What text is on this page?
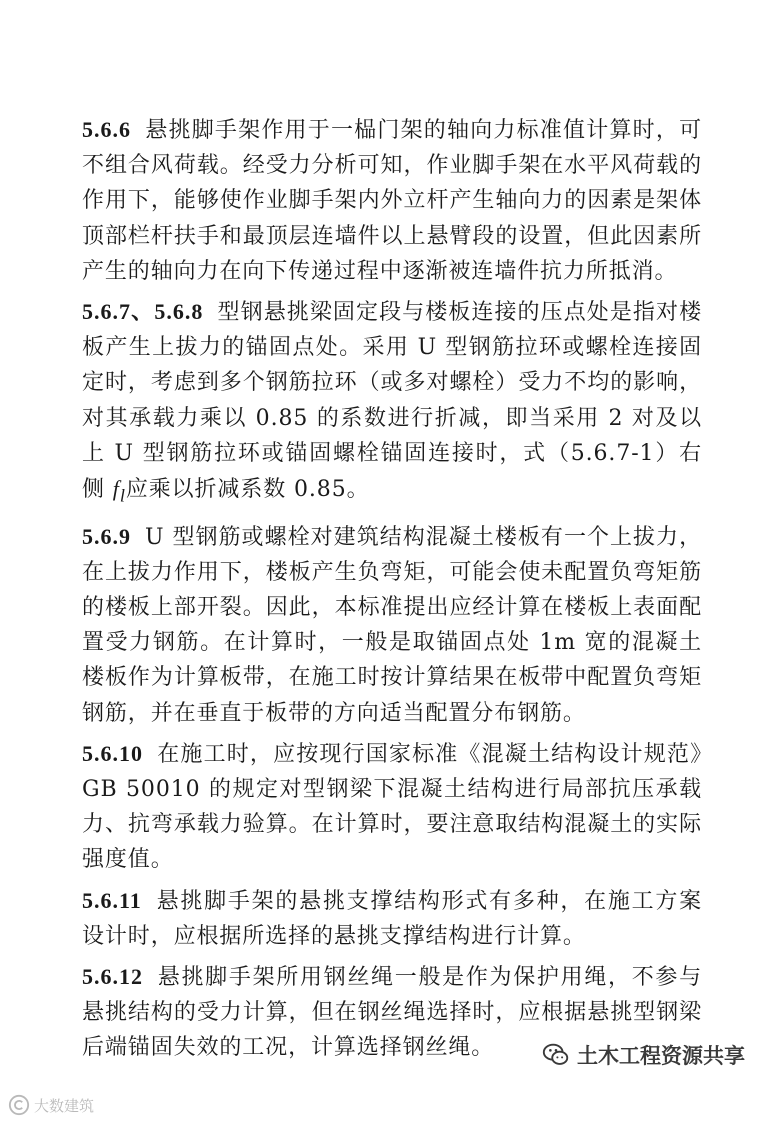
5.6.6 悬挑脚手架作用于一榀门架的轴向力标准值计算时，可不组合风荷载。经受力分析可知，作业脚手架在水平风荷载的作用下，能够使作业脚手架内外立杆产生轴向力的因素是架体顶部栏杆扶手和最顶层连墙件以上悬臂段的设置，但此因素所产生的轴向力在向下传递过程中逐渐被连墙件抗力所抵消。

5.6.7、5.6.8 型钢悬挑梁固定段与楼板连接的压点处是指对楼板产生上拔力的锚固点处。采用 U 型钢筋拉环或螺栓连接固定时，考虑到多个钢筋拉环（或多对螺栓）受力不均的影响，对其承载力乘以 0.85 的系数进行折减，即当采用 2 对及以上 U 型钢筋拉环或锚固螺栓锚固连接时，式（5.6.7-1）右侧 $f_l$应乘以折减系数 0.85。

5.6.9 U 型钢筋或螺栓对建筑结构混凝土楼板有一个上拔力，在上拔力作用下，楼板产生负弯矩，可能会使未配置负弯矩筋的楼板上部开裂。因此，本标准提出应经计算在楼板上表面配置受力钢筋。在计算时，一般是取锚固点处 1m 宽的混凝土楼板作为计算板带，在施工时按计算结果在板带中配置负弯矩钢筋，并在垂直于板带的方向适当配置分布钢筋。

5.6.10 在施工时，应按现行国家标准《混凝土结构设计规范》GB 50010 的规定对型钢梁下混凝土结构进行局部抗压承载力、抗弯承载力验算。在计算时，要注意取结构混凝土的实际强度值。

5.6.11 悬挑脚手架的悬挑支撑结构形式有多种，在施工方案设计时，应根据所选择的悬挑支撑结构进行计算。

5.6.12 悬挑脚手架所用钢丝绳一般是作为保护用绳，不参与悬挑结构的受力计算，但在钢丝绳选择时，应根据悬挑型钢梁后端锚固失效的工况，计算选择钢丝绳。	土木工程资源共享
大数建筑
